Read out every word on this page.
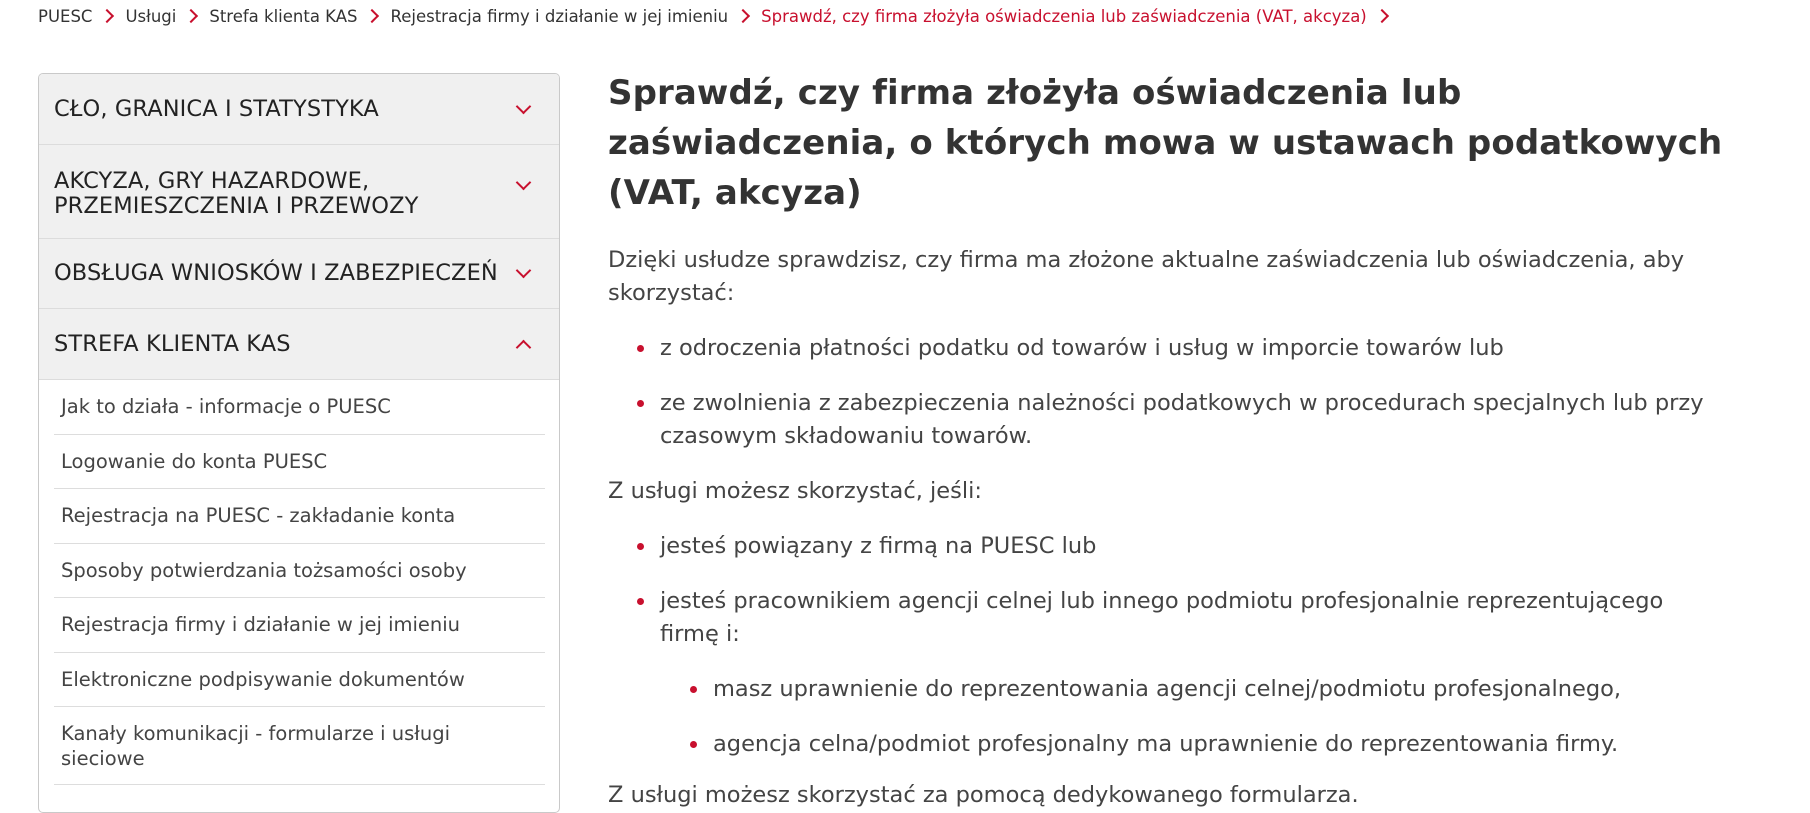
PUESC Usługi Strefa klienta KAS Rejestracja firmy i działanie w jej imieniu Sprawdź, czy firma złożyła oświadczenia lub zaświadczenia (VAT, akcyza)
CŁO, GRANICA I STATYSTYKA
AKCYZA, GRY HAZARDOWE,
PRZEMIESZCZENIA I PRZEWOZY
OBSŁUGA WNIOSKÓW I ZABEZPIECZEŃ
STREFA KLIENTA KAS
Jak to działa - informacje o PUESC
Logowanie do konta PUESC
Rejestracja na PUESC - zakładanie konta
Sposoby potwierdzania tożsamości osoby
Rejestracja firmy i działanie w jej imieniu
Elektroniczne podpisywanie dokumentów
Kanały komunikacji - formularze i usługi
sieciowe
Sprawdź, czy firma złożyła oświadczenia lub zaświadczenia, o których mowa w ustawach podatkowych (VAT, akcyza)

Dzięki usłudze sprawdzisz, czy firma ma złożone aktualne zaświadczenia lub oświadczenia, aby skorzystać:

z odroczenia płatności podatku od towarów i usług w imporcie towarów lub
ze zwolnienia z zabezpieczenia należności podatkowych w procedurach specjalnych lub przy czasowym składowaniu towarów.

Z usługi możesz skorzystać, jeśli:

jesteś powiązany z firmą na PUESC lub
jesteś pracownikiem agencji celnej lub innego podmiotu profesjonalnie reprezentującego firmę i:
masz uprawnienie do reprezentowania agencji celnej/podmiotu profesjonalnego,
agencja celna/podmiot profesjonalny ma uprawnienie do reprezentowania firmy.

Z usługi możesz skorzystać za pomocą dedykowanego formularza.
